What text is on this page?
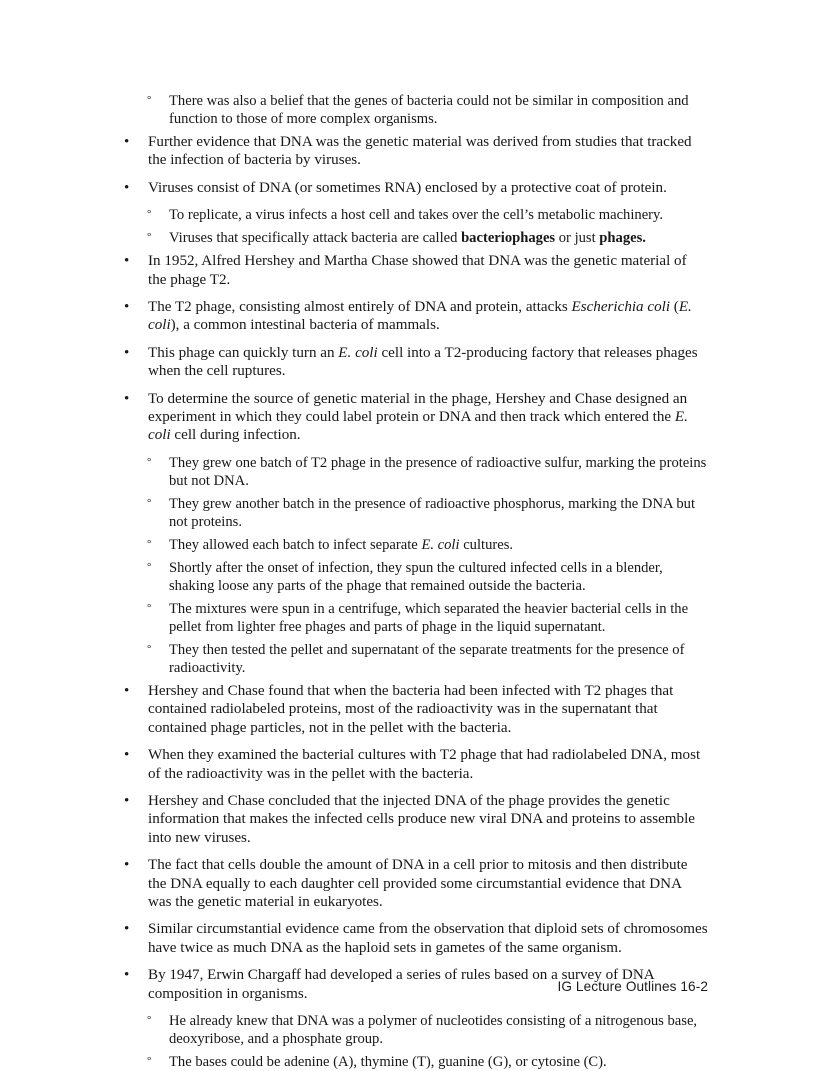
° There was also a belief that the genes of bacteria could not be similar in composition and function to those of more complex organisms.
• Further evidence that DNA was the genetic material was derived from studies that tracked the infection of bacteria by viruses.
• Viruses consist of DNA (or sometimes RNA) enclosed by a protective coat of protein.
° To replicate, a virus infects a host cell and takes over the cell’s metabolic machinery.
° Viruses that specifically attack bacteria are called bacteriophages or just phages.
• In 1952, Alfred Hershey and Martha Chase showed that DNA was the genetic material of the phage T2.
• The T2 phage, consisting almost entirely of DNA and protein, attacks Escherichia coli (E. coli), a common intestinal bacteria of mammals.
• This phage can quickly turn an E. coli cell into a T2-producing factory that releases phages when the cell ruptures.
• To determine the source of genetic material in the phage, Hershey and Chase designed an experiment in which they could label protein or DNA and then track which entered the E. coli cell during infection.
° They grew one batch of T2 phage in the presence of radioactive sulfur, marking the proteins but not DNA.
° They grew another batch in the presence of radioactive phosphorus, marking the DNA but not proteins.
° They allowed each batch to infect separate E. coli cultures.
° Shortly after the onset of infection, they spun the cultured infected cells in a blender, shaking loose any parts of the phage that remained outside the bacteria.
° The mixtures were spun in a centrifuge, which separated the heavier bacterial cells in the pellet from lighter free phages and parts of phage in the liquid supernatant.
° They then tested the pellet and supernatant of the separate treatments for the presence of radioactivity.
• Hershey and Chase found that when the bacteria had been infected with T2 phages that contained radiolabeled proteins, most of the radioactivity was in the supernatant that contained phage particles, not in the pellet with the bacteria.
• When they examined the bacterial cultures with T2 phage that had radiolabeled DNA, most of the radioactivity was in the pellet with the bacteria.
• Hershey and Chase concluded that the injected DNA of the phage provides the genetic information that makes the infected cells produce new viral DNA and proteins to assemble into new viruses.
• The fact that cells double the amount of DNA in a cell prior to mitosis and then distribute the DNA equally to each daughter cell provided some circumstantial evidence that DNA was the genetic material in eukaryotes.
• Similar circumstantial evidence came from the observation that diploid sets of chromosomes have twice as much DNA as the haploid sets in gametes of the same organism.
• By 1947, Erwin Chargaff had developed a series of rules based on a survey of DNA composition in organisms.
° He already knew that DNA was a polymer of nucleotides consisting of a nitrogenous base, deoxyribose, and a phosphate group.
° The bases could be adenine (A), thymine (T), guanine (G), or cytosine (C).
IG Lecture Outlines 16-2
